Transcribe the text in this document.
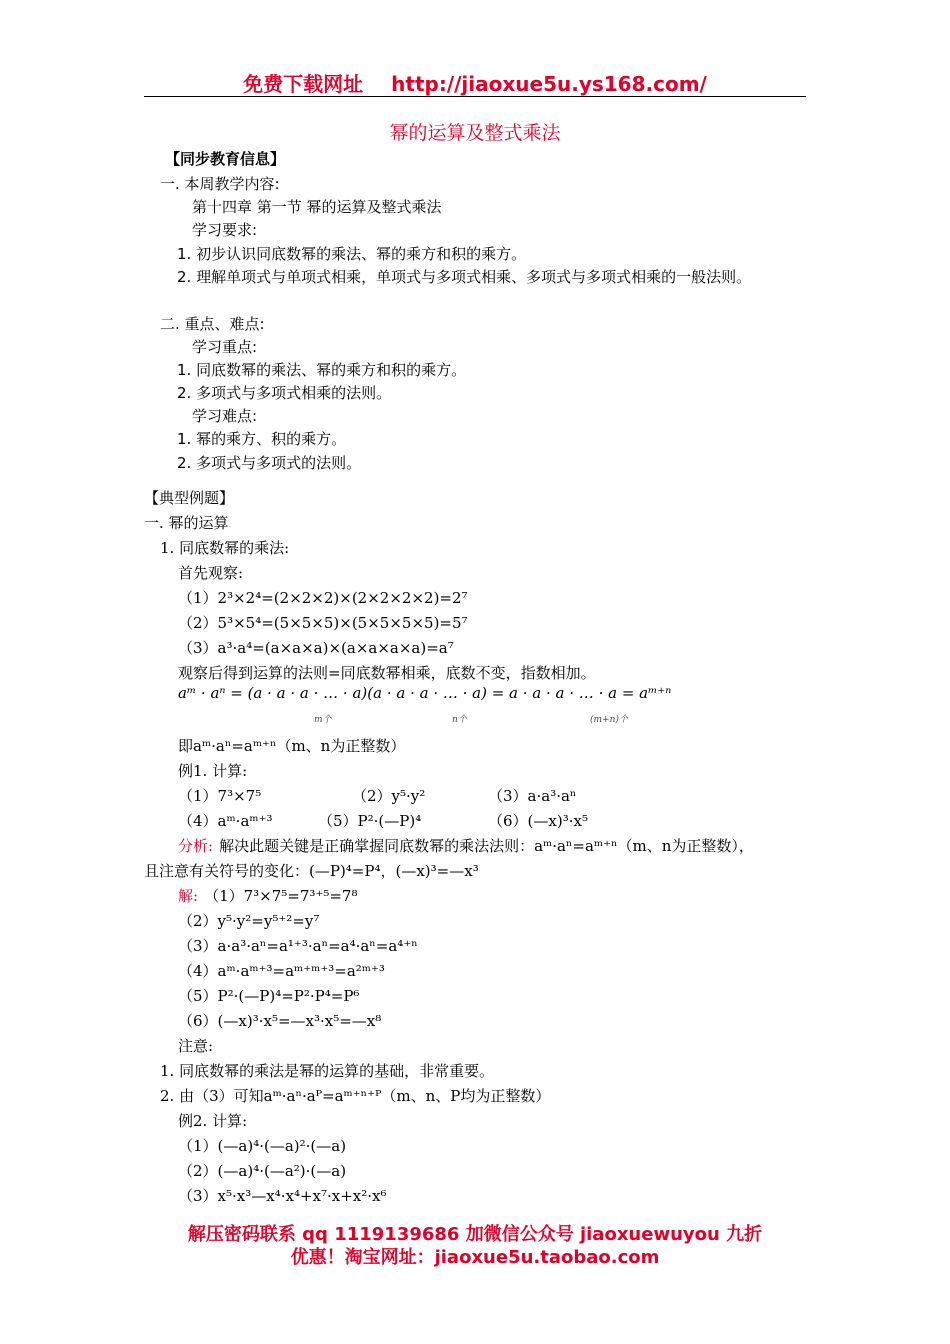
免费下载网址 http://jiaoxue5u.ys168.com/
幂的运算及整式乘法
【同步教育信息】
一. 本周教学内容:
第十四章 第一节 幂的运算及整式乘法
学习要求:
1. 初步认识同底数幂的乘法、幂的乘方和积的乘方。
2. 理解单项式与单项式相乘，单项式与多项式相乘、多项式与多项式相乘的一般法则。
二. 重点、难点:
学习重点:
1. 同底数幂的乘法、幂的乘方和积的乘方。
2. 多项式与多项式相乘的法则。
学习难点:
1. 幂的乘方、积的乘方。
2. 多项式与多项式的法则。
【典型例题】
一. 幂的运算
1. 同底数幂的乘法:
首先观察:
（1）2³×2⁴=(2×2×2)×(2×2×2×2)=2⁷
（2）5³×5⁴=(5×5×5)×(5×5×5×5)=5⁷
（3）a³·a⁴=(a×a×a)×(a×a×a×a)=a⁷
观察后得到运算的法则=同底数幂相乘，底数不变，指数相加。
aᵐ · aⁿ = (a · a · a · … · a)(a · a · a · … · a) = a · a · a · … · a = aᵐ⁺ⁿ
m个	n个	(m+n)个
即aᵐ·aⁿ=aᵐ⁺ⁿ（m、n为正整数）
例1. 计算:
（1）7³×7⁵	（2）y⁵·y²	（3）a·a³·aⁿ
（4）aᵐ·aᵐ⁺³	（5）P²·(—P)⁴	（6）(—x)³·x⁵
分析: 解决此题关键是正确掌握同底数幂的乘法法则：aᵐ·aⁿ=aᵐ⁺ⁿ（m、n为正整数），
且注意有关符号的变化：(—P)⁴=P⁴，(—x)³=—x³
解: （1）7³×7⁵=7³⁺⁵=7⁸
（2）y⁵·y²=y⁵⁺²=y⁷
（3）a·a³·aⁿ=a¹⁺³·aⁿ=a⁴·aⁿ=a⁴⁺ⁿ
（4）aᵐ·aᵐ⁺³=aᵐ⁺ᵐ⁺³=a²ᵐ⁺³
（5）P²·(—P)⁴=P²·P⁴=P⁶
（6）(—x)³·x⁵=—x³·x⁵=—x⁸
注意:
1. 同底数幂的乘法是幂的运算的基础，非常重要。
2. 由（3）可知aᵐ·aⁿ·aᴾ=aᵐ⁺ⁿ⁺ᴾ（m、n、P均为正整数）
例2. 计算:
（1）(—a)⁴·(—a)²·(—a)
（2）(—a)⁴·(—a²)·(—a)
（3）x⁵·x³—x⁴·x⁴+x⁷·x+x²·x⁶
解压密码联系 qq 1119139686 加微信公众号 jiaoxuewuyou 九折
优惠！淘宝网址：jiaoxue5u.taobao.com
